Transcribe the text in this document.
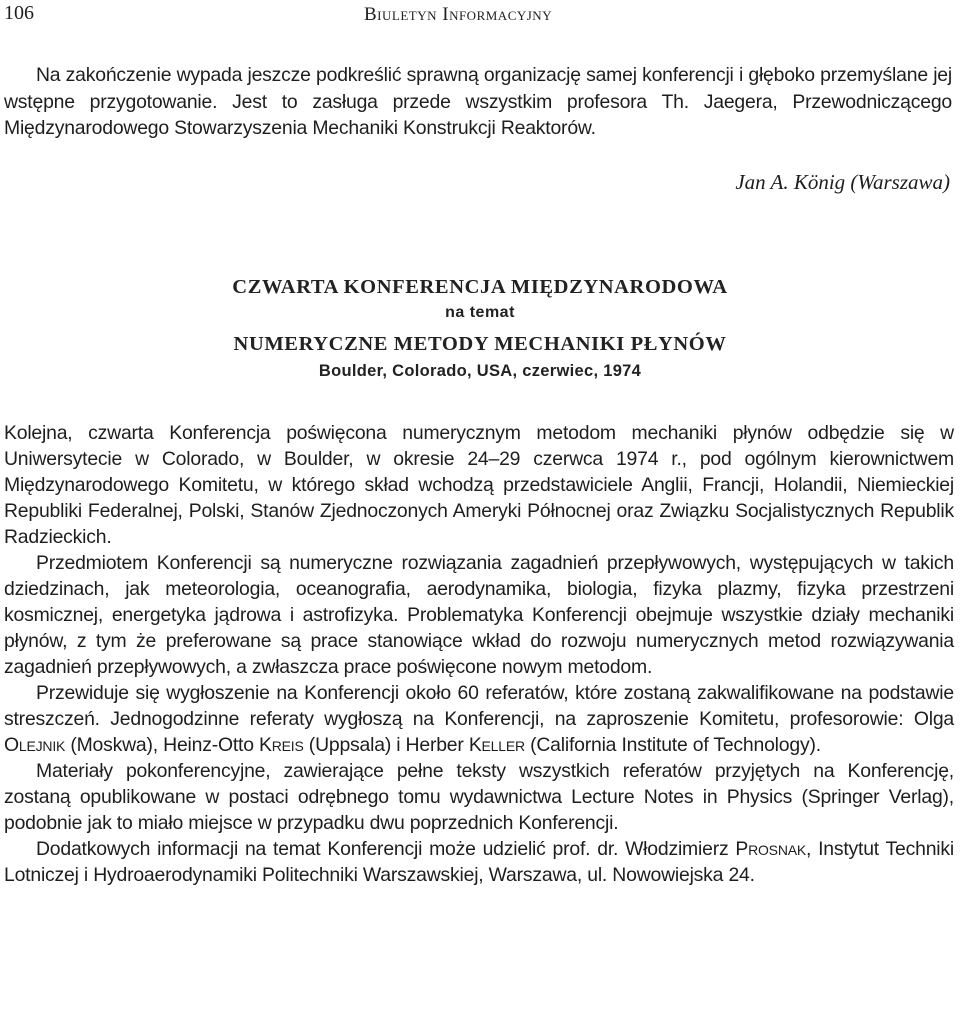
106	Biuletyn Informacyjny
Na zakończenie wypada jeszcze podkreślić sprawną organizację samej konferencji i głęboko przemyślane jej wstępne przygotowanie. Jest to zasługa przede wszystkim profesora Th. Jaegera, Przewodniczącego Międzynarodowego Stowarzyszenia Mechaniki Konstrukcji Reaktorów.
Jan A. König (Warszawa)
CZWARTA KONFERENCJA MIĘDZYNARODOWA
na temat
NUMERYCZNE METODY MECHANIKI PŁYNÓW
Boulder, Colorado, USA, czerwiec, 1974

Kolejna, czwarta Konferencja poświęcona numerycznym metodom mechaniki płynów odbędzie się w Uniwersytecie w Colorado, w Boulder, w okresie 24–29 czerwca 1974 r., pod ogólnym kierownictwem Międzynarodowego Komitetu, w którego skład wchodzą przedstawiciele Anglii, Francji, Holandii, Niemieckiej Republiki Federalnej, Polski, Stanów Zjednoczonych Ameryki Północnej oraz Związku Socjalistycznych Republik Radzieckich.

Przedmiotem Konferencji są numeryczne rozwiązania zagadnień przepływowych, występujących w takich dziedzinach, jak meteorologia, oceanografia, aerodynamika, biologia, fizyka plazmy, fizyka przestrzeni kosmicznej, energetyka jądrowa i astrofizyka. Problematyka Konferencji obejmuje wszystkie działy mechaniki płynów, z tym że preferowane są prace stanowiące wkład do rozwoju numerycznych metod rozwiązywania zagadnień przepływowych, a zwłaszcza prace poświęcone nowym metodom.

Przewiduje się wygłoszenie na Konferencji około 60 referatów, które zostaną zakwalifikowane na podstawie streszczeń. Jednogodzinne referaty wygłoszą na Konferencji, na zaproszenie Komitetu, profesorowie: Olga Olejnik (Moskwa), Heinz-Otto Kreis (Uppsala) i Herber Keller (California Institute of Technology).

Materiały pokonferencyjne, zawierające pełne teksty wszystkich referatów przyjętych na Konferencję, zostaną opublikowane w postaci odrębnego tomu wydawnictwa Lecture Notes in Physics (Springer Verlag), podobnie jak to miało miejsce w przypadku dwu poprzednich Konferencji.

Dodatkowych informacji na temat Konferencji może udzielić prof. dr. Włodzimierz Prosnak, Instytut Techniki Lotniczej i Hydroaerodynamiki Politechniki Warszawskiej, Warszawa, ul. Nowowiejska 24.
